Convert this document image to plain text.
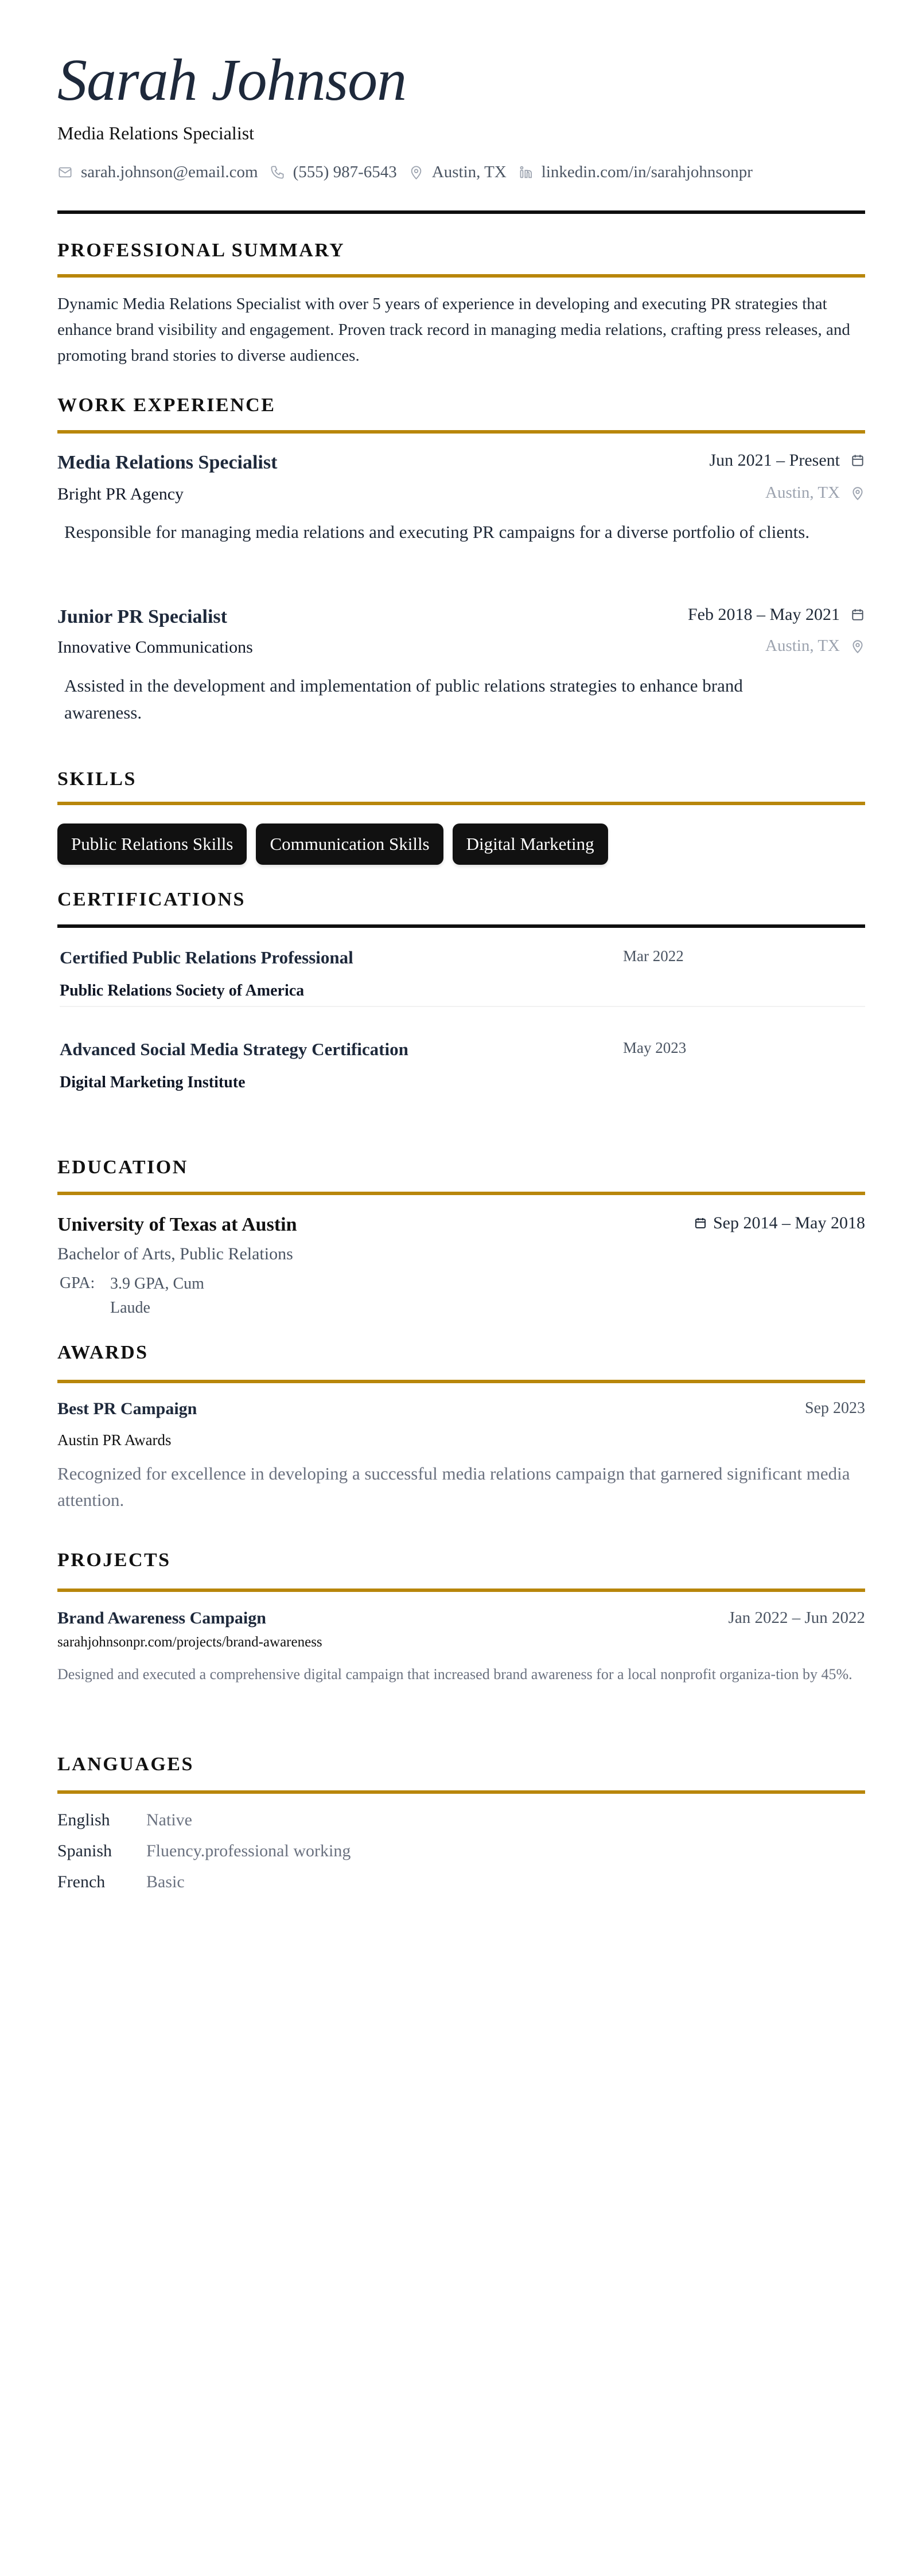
Sarah Johnson
Media Relations Specialist
sarah.johnson@email.com (555) 987-6543 Austin, TX linkedin.com/in/sarahjohnsonpr
PROFESSIONAL SUMMARY
Dynamic Media Relations Specialist with over 5 years of experience in developing and executing PR strategies that enhance brand visibility and engagement. Proven track record in managing media relations, crafting press releases, and promoting brand stories to diverse audiences.
WORK EXPERIENCE
Media Relations Specialist	Jun 2021 – Present
Bright PR Agency	Austin, TX
Responsible for managing media relations and executing PR campaigns for a diverse portfolio of clients.
Junior PR Specialist	Feb 2018 – May 2021
Innovative Communications	Austin, TX
Assisted in the development and implementation of public relations strategies to enhance brand awareness.
SKILLS
Public Relations Skills	Communication Skills	Digital Marketing
CERTIFICATIONS
Certified Public Relations Professional	Mar 2022
Public Relations Society of America
Advanced Social Media Strategy Certification	May 2023
Digital Marketing Institute
EDUCATION
University of Texas at Austin	Sep 2014 – May 2018
Bachelor of Arts, Public Relations
GPA: 3.9 GPA, Cum Laude
AWARDS
Best PR Campaign	Sep 2023
Austin PR Awards
Recognized for excellence in developing a successful media relations campaign that garnered significant media attention.
PROJECTS
Brand Awareness Campaign	Jan 2022 – Jun 2022
sarahjohnsonpr.com/projects/brand-awareness
Designed and executed a comprehensive digital campaign that increased brand awareness for a local nonprofit organiza-tion by 45%.
LANGUAGES
English	Native
Spanish	Fluency.professional working
French	Basic
